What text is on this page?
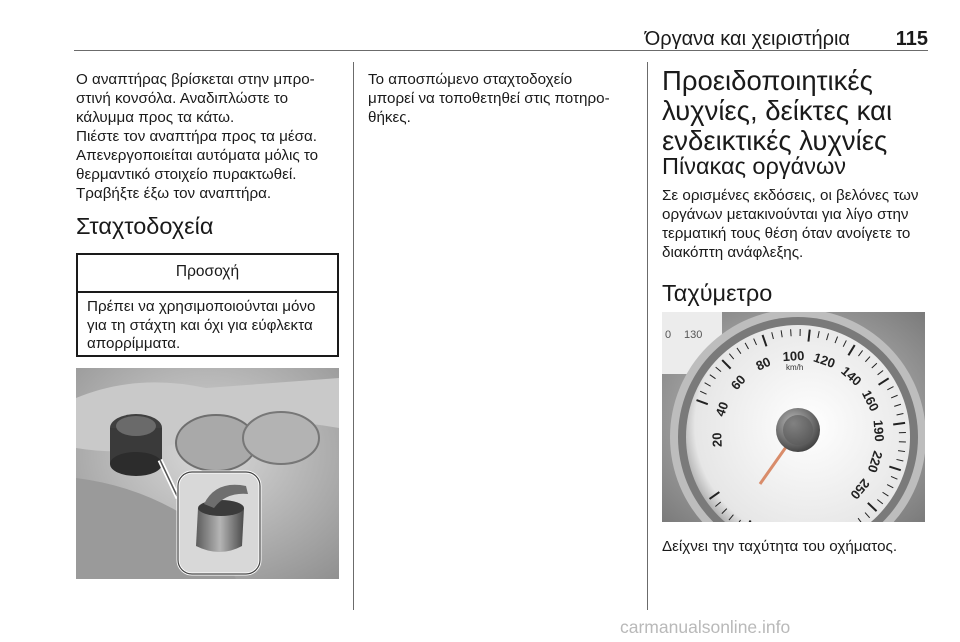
Όργανα και χειριστήρια 115
Ο αναπτήρας βρίσκεται στην μπρο-
στινή κονσόλα. Αναδιπλώστε το
κάλυμμα προς τα κάτω.
Πιέστε τον αναπτήρα προς τα μέσα.
Απενεργοποιείται αυτόματα μόλις το
θερμαντικό στοιχείο πυρακτωθεί.
Τραβήξτε έξω τον αναπτήρα.
Σταχτοδοχεία
Προσοχή
Πρέπει να χρησιμοποιούνται μόνο
για τη στάχτη και όχι για εύφλεκτα
απορρίμματα.
Το αποσπώμενο σταχτοδοχείο
μπορεί να τοποθετηθεί στις ποτηρο-
θήκες.
Προειδοποιητικές
λυχνίες, δείκτες και
ενδεικτικές λυχνίες
Πίνακας οργάνων
Σε ορισμένες εκδόσεις, οι βελόνες των
οργάνων μετακινούνται για λίγο στην
τερματική τους θέση όταν ανοίγετε το
διακόπτη ανάφλεξης.
Ταχύμετρο
0 130
20
40
60
80 100 120
140
160
190
220
250
km/h

Δείχνει την ταχύτητα του οχήματος.

carmanualsonline.info
